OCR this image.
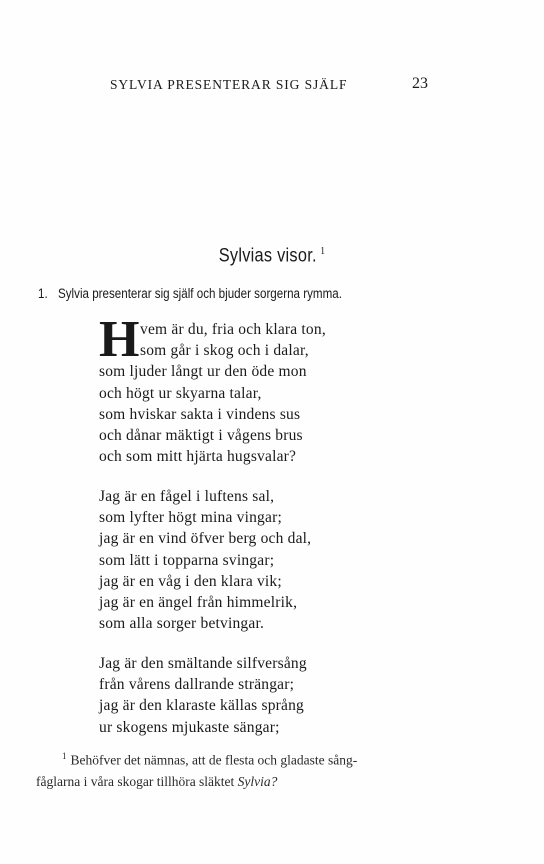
SYLVIA PRESENTERAR SIG SJÄLF	23
Sylvias visor. $^1$
1. Sylvia presenterar sig själf och bjuder sorgerna rymma.
H vem är du, fria och klara ton,
som går i skog och i dalar,
som ljuder långt ur den öde mon
och högt ur skyarna talar,
som hviskar sakta i vindens sus
och dånar mäktigt i vågens brus
och som mitt hjärta hugsvalar?
Jag är en fågel i luftens sal,
som lyfter högt mina vingar;
jag är en vind öfver berg och dal,
som lätt i topparna svingar;
jag är en våg i den klara vik;
jag är en ängel från himmelrik,
som alla sorger betvingar.
Jag är den smältande silfversång
från vårens dallrande strängar;
jag är den klaraste källas språng
ur skogens mjukaste sängar;
$^1$ Behöfver det nämnas, att de flesta och gladaste sång-
fåglarna i våra skogar tillhöra släktet Sylvia?
